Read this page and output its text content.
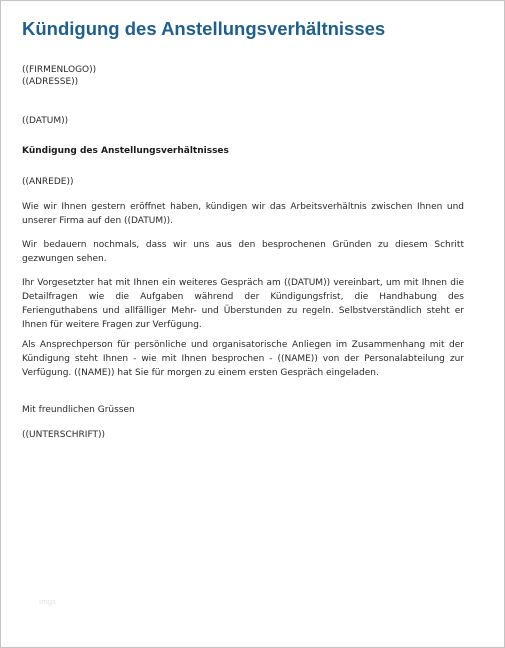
Kündigung des Anstellungsverhältnisses

((FIRMENLOGO))

((ADRESSE))

((DATUM))

Kündigung des Anstellungsverhältnisses

((ANREDE))

Wie wir Ihnen gestern eröffnet haben, kündigen wir das Arbeitsverhältnis zwischen Ihnen und unserer Firma auf den ((DATUM)).

Wir bedauern nochmals, dass wir uns aus den besprochenen Gründen zu diesem Schritt gezwungen sehen.

Ihr Vorgesetzter hat mit Ihnen ein weiteres Gespräch am ((DATUM)) vereinbart, um mit Ihnen die Detailfragen wie die Aufgaben während der Kündigungsfrist, die Handhabung des Ferienguthabens und allfälliger Mehr- und Überstunden zu regeln. Selbstverständlich steht er Ihnen für weitere Fragen zur Verfügung.

Als Ansprechperson für persönliche und organisatorische Anliegen im Zusammenhang mit der Kündigung steht Ihnen - wie mit Ihnen besprochen - ((NAME)) von der Personalabteilung zur Verfügung. ((NAME)) hat Sie für morgen zu einem ersten Gespräch eingeladen.

Mit freundlichen Grüssen

((UNTERSCHRIFT))

imgs
